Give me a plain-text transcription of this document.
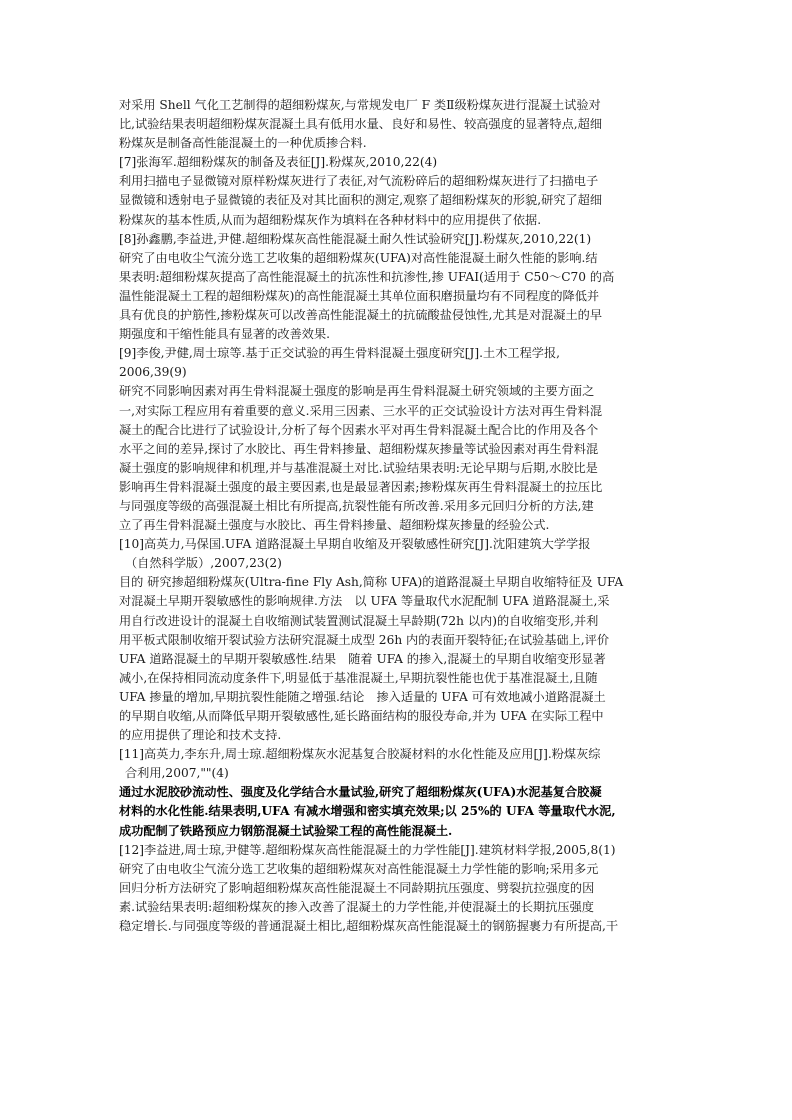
对采用 Shell 气化工艺制得的超细粉煤灰,与常规发电厂 F 类Ⅱ级粉煤灰进行混凝土试验对
比,试验结果表明超细粉煤灰混凝土具有低用水量、良好和易性、较高强度的显著特点,超细
粉煤灰是制备高性能混凝土的一种优质掺合料.
[7]张海军.超细粉煤灰的制备及表征[J].粉煤灰,2010,22(4)
利用扫描电子显微镜对原样粉煤灰进行了表征,对气流粉碎后的超细粉煤灰进行了扫描电子
显微镜和透射电子显微镜的表征及对其比面积的测定,观察了超细粉煤灰的形貌,研究了超细
粉煤灰的基本性质,从而为超细粉煤灰作为填料在各种材料中的应用提供了依据.
[8]孙鑫鹏,李益进,尹健.超细粉煤灰高性能混凝土耐久性试验研究[J].粉煤灰,2010,22(1)
研究了由电收尘气流分选工艺收集的超细粉煤灰(UFA)对高性能混凝土耐久性能的影响.结
果表明:超细粉煤灰提高了高性能混凝土的抗冻性和抗渗性,掺 UFAI(适用于 C50～C70 的高
温性能混凝土工程的超细粉煤灰)的高性能混凝土其单位面积磨损量均有不同程度的降低并
具有优良的护筋性,掺粉煤灰可以改善高性能混凝土的抗硫酸盐侵蚀性,尤其是对混凝土的早
期强度和干缩性能具有显著的改善效果.
[9]李俊,尹健,周士琼等.基于正交试验的再生骨料混凝土强度研究[J].土木工程学报,
2006,39(9)
研究不同影响因素对再生骨料混凝土强度的影响是再生骨料混凝土研究领域的主要方面之
一,对实际工程应用有着重要的意义.采用三因素、三水平的正交试验设计方法对再生骨料混
凝土的配合比进行了试验设计,分析了每个因素水平对再生骨料混凝土配合比的作用及各个
水平之间的差异,探讨了水胶比、再生骨料掺量、超细粉煤灰掺量等试验因素对再生骨料混
凝土强度的影响规律和机理,并与基准混凝土对比.试验结果表明:无论早期与后期,水胶比是
影响再生骨料混凝土强度的最主要因素,也是最显著因素;掺粉煤灰再生骨料混凝土的拉压比
与同强度等级的高强混凝土相比有所提高,抗裂性能有所改善.采用多元回归分析的方法,建
立了再生骨料混凝土强度与水胶比、再生骨料掺量、超细粉煤灰掺量的经验公式.
[10]高英力,马保国.UFA 道路混凝土早期自收缩及开裂敏感性研究[J].沈阳建筑大学学报
（自然科学版）,2007,23(2)
目的 研究掺超细粉煤灰(Ultra-fine Fly Ash,简称 UFA)的道路混凝土早期自收缩特征及 UFA
对混凝土早期开裂敏感性的影响规律.方法　以 UFA 等量取代水泥配制 UFA 道路混凝土,采
用自行改进设计的混凝土自收缩测试装置测试混凝土早龄期(72h 以内)的自收缩变形,并利
用平板式限制收缩开裂试验方法研究混凝土成型 26h 内的表面开裂特征;在试验基础上,评价
UFA 道路混凝土的早期开裂敏感性.结果　随着 UFA 的掺入,混凝土的早期自收缩变形显著
减小,在保持相同流动度条件下,明显低于基准混凝土,早期抗裂性能也优于基准混凝土,且随
UFA 掺量的增加,早期抗裂性能随之增强.结论　掺入适量的 UFA 可有效地减小道路混凝土
的早期自收缩,从而降低早期开裂敏感性,延长路面结构的服役寿命,并为 UFA 在实际工程中
的应用提供了理论和技术支持.
[11]高英力,李东升,周士琼.超细粉煤灰水泥基复合胶凝材料的水化性能及应用[J].粉煤灰综
合利用,2007,""(4)
通过水泥胶砂流动性、强度及化学结合水量试验,研究了超细粉煤灰(UFA)水泥基复合胶凝
材料的水化性能.结果表明,UFA 有减水增强和密实填充效果;以 25%的 UFA 等量取代水泥,
成功配制了铁路预应力钢筋混凝土试验梁工程的高性能混凝土.
[12]李益进,周士琼,尹健等.超细粉煤灰高性能混凝土的力学性能[J].建筑材料学报,2005,8(1)
研究了由电收尘气流分选工艺收集的超细粉煤灰对高性能混凝土力学性能的影响;采用多元
回归分析方法研究了影响超细粉煤灰高性能混凝土不同龄期抗压强度、劈裂抗拉强度的因
素.试验结果表明:超细粉煤灰的掺入改善了混凝土的力学性能,并使混凝土的长期抗压强度
稳定增长.与同强度等级的普通混凝土相比,超细粉煤灰高性能混凝土的钢筋握裹力有所提高,干
